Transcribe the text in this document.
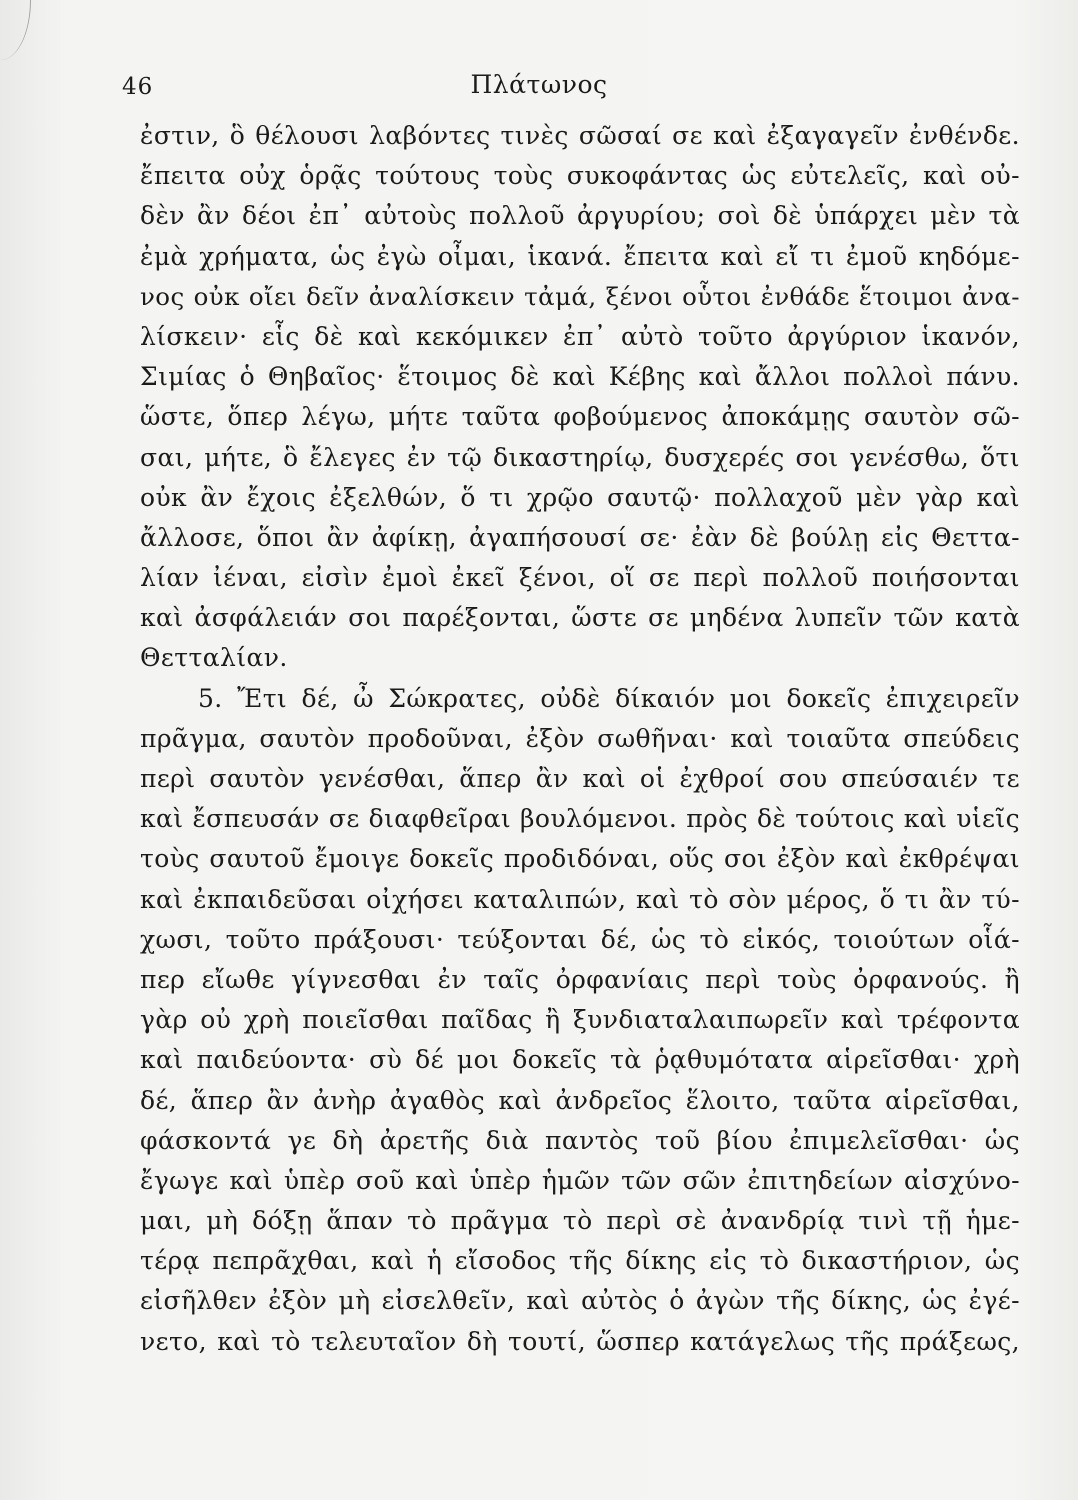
46	Πλάτωνος
ἐστιν, ὃ θέλουσι λαβόντες τινὲς σῶσαί σε καὶ ἐξαγαγεῖν ἐνθένδε.
ἔπειτα οὐχ ὁρᾷς τούτους τοὺς συκοφάντας ὡς εὐτελεῖς, καὶ οὐ-
δὲν ἂν δέοι ἐπ᾽ αὐτοὺς πολλοῦ ἀργυρίου; σοὶ δὲ ὑπάρχει μὲν τὰ
ἐμὰ χρήματα, ὡς ἐγὼ οἶμαι, ἱκανά. ἔπειτα καὶ εἴ τι ἐμοῦ κηδόμε-
νος οὐκ οἴει δεῖν ἀναλίσκειν τἀμά, ξένοι οὗτοι ἐνθάδε ἕτοιμοι ἀνα-
λίσκειν· εἷς δὲ καὶ κεκόμικεν ἐπ᾽ αὐτὸ τοῦτο ἀργύριον ἱκανόν,
Σιμίας ὁ Θηβαῖος· ἕτοιμος δὲ καὶ Κέβης καὶ ἄλλοι πολλοὶ πάνυ.
ὥστε, ὅπερ λέγω, μήτε ταῦτα φοβούμενος ἀποκάμῃς σαυτὸν σῶ-
σαι, μήτε, ὃ ἔλεγες ἐν τῷ δικαστηρίῳ, δυσχερές σοι γενέσθω, ὅτι
οὐκ ἂν ἔχοις ἐξελθών, ὅ τι χρῷο σαυτῷ· πολλαχοῦ μὲν γὰρ καὶ
ἄλλοσε, ὅποι ἂν ἀφίκῃ, ἀγαπήσουσί σε· ἐὰν δὲ βούλῃ εἰς Θεττα-
λίαν ἰέναι, εἰσὶν ἐμοὶ ἐκεῖ ξένοι, οἵ σε περὶ πολλοῦ ποιήσονται
καὶ ἀσφάλειάν σοι παρέξονται, ὥστε σε μηδένα λυπεῖν τῶν κατὰ
Θετταλίαν.
5. Ἔτι δέ, ὦ Σώκρατες, οὐδὲ δίκαιόν μοι δοκεῖς ἐπιχειρεῖν
πρᾶγμα, σαυτὸν προδοῦναι, ἐξὸν σωθῆναι· καὶ τοιαῦτα σπεύδεις
περὶ σαυτὸν γενέσθαι, ἅπερ ἂν καὶ οἱ ἐχθροί σου σπεύσαιέν τε
καὶ ἔσπευσάν σε διαφθεῖραι βουλόμενοι. πρὸς δὲ τούτοις καὶ υἱεῖς
τοὺς σαυτοῦ ἔμοιγε δοκεῖς προδιδόναι, οὕς σοι ἐξὸν καὶ ἐκθρέψαι
καὶ ἐκπαιδεῦσαι οἰχήσει καταλιπών, καὶ τὸ σὸν μέρος, ὅ τι ἂν τύ-
χωσι, τοῦτο πράξουσι· τεύξονται δέ, ὡς τὸ εἰκός, τοιούτων οἷά-
περ εἴωθε γίγνεσθαι ἐν ταῖς ὀρφανίαις περὶ τοὺς ὀρφανούς. ἢ
γὰρ οὐ χρὴ ποιεῖσθαι παῖδας ἢ ξυνδιαταλαιπωρεῖν καὶ τρέφοντα
καὶ παιδεύοντα· σὺ δέ μοι δοκεῖς τὰ ῥᾳθυμότατα αἱρεῖσθαι· χρὴ
δέ, ἅπερ ἂν ἀνὴρ ἀγαθὸς καὶ ἀνδρεῖος ἕλοιτο, ταῦτα αἱρεῖσθαι,
φάσκοντά γε δὴ ἀρετῆς διὰ παντὸς τοῦ βίου ἐπιμελεῖσθαι· ὡς
ἔγωγε καὶ ὑπὲρ σοῦ καὶ ὑπὲρ ἡμῶν τῶν σῶν ἐπιτηδείων αἰσχύνο-
μαι, μὴ δόξῃ ἅπαν τὸ πρᾶγμα τὸ περὶ σὲ ἀνανδρίᾳ τινὶ τῇ ἡμε-
τέρᾳ πεπρᾶχθαι, καὶ ἡ εἴσοδος τῆς δίκης εἰς τὸ δικαστήριον, ὡς
εἰσῆλθεν ἐξὸν μὴ εἰσελθεῖν, καὶ αὐτὸς ὁ ἀγὼν τῆς δίκης, ὡς ἐγέ-
νετο, καὶ τὸ τελευταῖον δὴ τουτί, ὥσπερ κατάγελως τῆς πράξεως,
